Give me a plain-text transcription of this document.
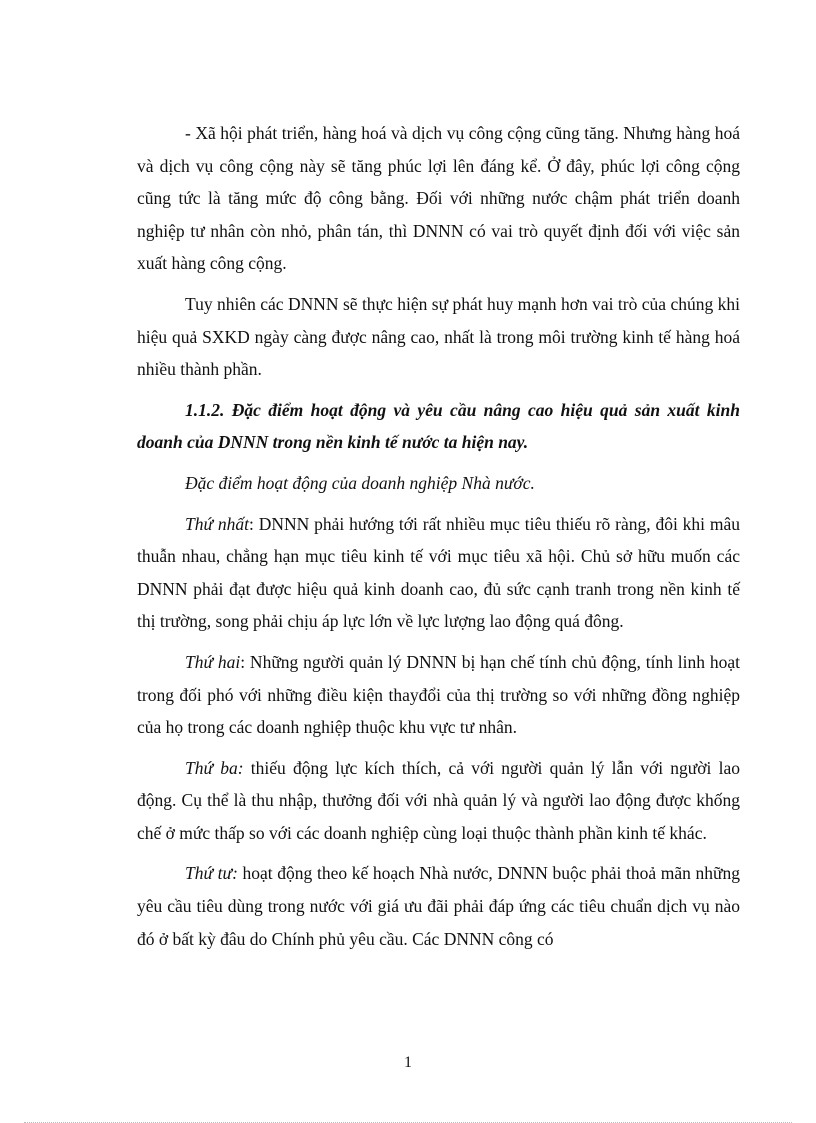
- Xã hội phát triển, hàng hoá và dịch vụ công cộng cũng tăng. Nhưng hàng hoá và dịch vụ công cộng này sẽ tăng phúc lợi lên đáng kể. Ở đây, phúc lợi công cộng cũng tức là tăng mức độ công bằng. Đối với những nước chậm phát triển doanh nghiệp tư nhân còn nhỏ, phân tán, thì DNNN có vai trò quyết định đối với việc sản xuất hàng công cộng.

Tuy nhiên các DNNN sẽ thực hiện sự phát huy mạnh hơn vai trò của chúng khi hiệu quả SXKD ngày càng được nâng cao, nhất là trong môi trường kinh tế hàng hoá nhiều thành phần.

1.1.2. Đặc điểm hoạt động và yêu cầu nâng cao hiệu quả sản xuất kinh doanh của DNNN trong nền kinh tế nước ta hiện nay.

Đặc điểm hoạt động của doanh nghiệp Nhà nước.

Thứ nhất: DNNN phải hướng tới rất nhiều mục tiêu thiếu rõ ràng, đôi khi mâu thuẫn nhau, chẳng hạn mục tiêu kinh tế với mục tiêu xã hội. Chủ sở hữu muốn các DNNN phải đạt được hiệu quả kinh doanh cao, đủ sức cạnh tranh trong nền kinh tế thị trường, song phải chịu áp lực lớn về lực lượng lao động quá đông.

Thứ hai: Những người quản lý DNNN bị hạn chế tính chủ động, tính linh hoạt trong đối phó với những điều kiện thayđổi của thị trường so với những đồng nghiệp của họ trong các doanh nghiệp thuộc khu vực tư nhân.

Thứ ba: thiếu động lực kích thích, cả với người quản lý lẫn với người lao động. Cụ thể là thu nhập, thưởng đối với nhà quản lý và người lao động được khống chế ở mức thấp so với các doanh nghiệp cùng loại thuộc thành phần kinh tế khác.

Thứ tư: hoạt động theo kế hoạch Nhà nước, DNNN buộc phải thoả mãn những yêu cầu tiêu dùng trong nước với giá ưu đãi phải đáp ứng các tiêu chuẩn dịch vụ nào đó ở bất kỳ đâu do Chính phủ yêu cầu. Các DNNN công có

1
